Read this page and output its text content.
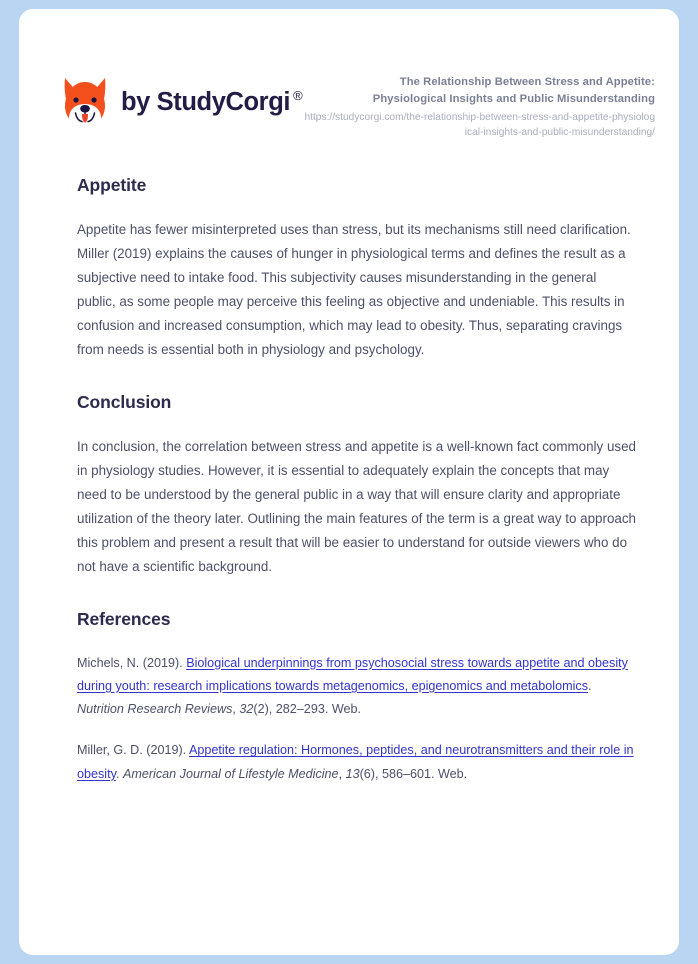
by StudyCorgi ®
The Relationship Between Stress and Appetite:
Physiological Insights and Public Misunderstanding
https://studycorgi.com/the-relationship-between-stress-and-appetite-physiological-insights-and-public-misunderstanding/
Appetite

Appetite has fewer misinterpreted uses than stress, but its mechanisms still need clarification. Miller (2019) explains the causes of hunger in physiological terms and defines the result as a subjective need to intake food. This subjectivity causes misunderstanding in the general public, as some people may perceive this feeling as objective and undeniable. This results in confusion and increased consumption, which may lead to obesity. Thus, separating cravings from needs is essential both in physiology and psychology.

Conclusion

In conclusion, the correlation between stress and appetite is a well-known fact commonly used in physiology studies. However, it is essential to adequately explain the concepts that may need to be understood by the general public in a way that will ensure clarity and appropriate utilization of the theory later. Outlining the main features of the term is a great way to approach this problem and present a result that will be easier to understand for outside viewers who do not have a scientific background.

References

Michels, N. (2019). Biological underpinnings from psychosocial stress towards appetite and obesity during youth: research implications towards metagenomics, epigenomics and metabolomics. Nutrition Research Reviews, 32(2), 282–293. Web.

Miller, G. D. (2019). Appetite regulation: Hormones, peptides, and neurotransmitters and their role in obesity. American Journal of Lifestyle Medicine, 13(6), 586–601. Web.
